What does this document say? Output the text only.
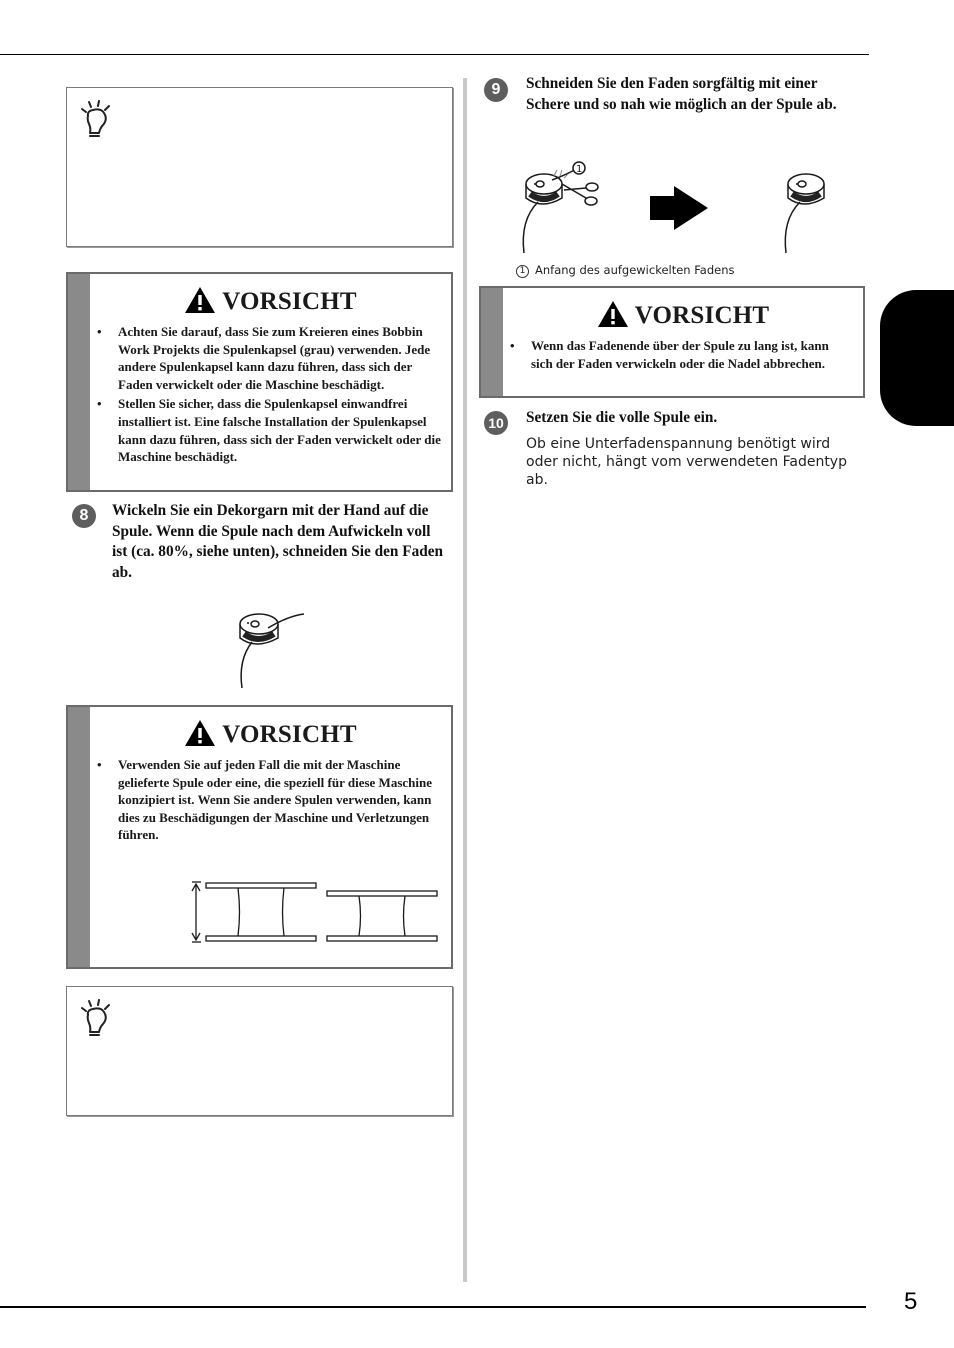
5
VORSICHT
• Achten Sie darauf, dass Sie zum Kreieren eines Bobbin Work Projekts die Spulenkapsel (grau) verwenden. Jede andere Spulenkapsel kann dazu führen, dass sich der Faden verwickelt oder die Maschine beschädigt.
• Stellen Sie sicher, dass die Spulenkapsel einwandfrei installiert ist. Eine falsche Installation der Spulenkapsel kann dazu führen, dass sich der Faden verwickelt oder die Maschine beschädigt.
8	Wickeln Sie ein Dekorgarn mit der Hand auf die Spule. Wenn die Spule nach dem Aufwickeln voll ist (ca. 80%, siehe unten), schneiden Sie den Faden ab.
VORSICHT
• Verwenden Sie auf jeden Fall die mit der Maschine gelieferte Spule oder eine, die speziell für diese Maschine konzipiert ist. Wenn Sie andere Spulen verwenden, kann dies zu Beschädigungen der Maschine und Verletzungen führen.
9	Schneiden Sie den Faden sorgfältig mit einer Schere und so nah wie möglich an der Spule ab.
1
1 Anfang des aufgewickelten Fadens
VORSICHT
• Wenn das Fadenende über der Spule zu lang ist, kann sich der Faden verwickeln oder die Nadel abbrechen.
10 Setzen Sie die volle Spule ein.
Ob eine Unterfadenspannung benötigt wird oder nicht, hängt vom verwendeten Fadentyp ab.
